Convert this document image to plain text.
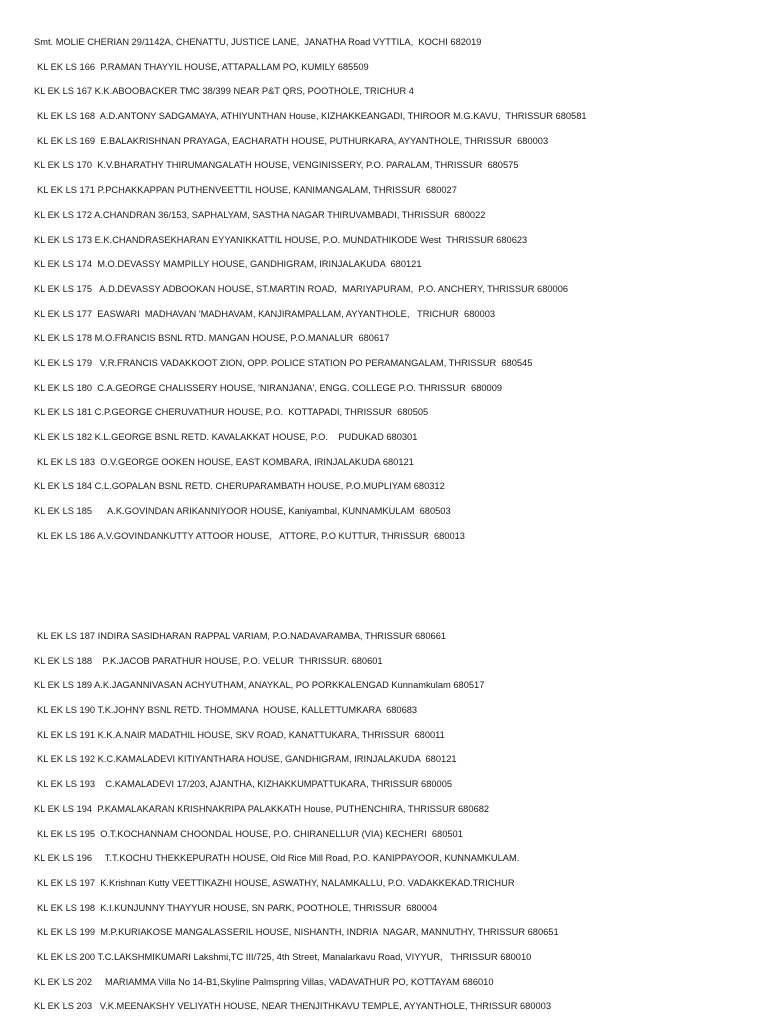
Smt. MOLIE CHERIAN 29/1142A, CHENATTU, JUSTICE LANE,  JANATHA Road VYTTILA,  KOCHI 682019
KL EK LS 166  P.RAMAN THAYYIL HOUSE, ATTAPALLAM PO, KUMILY 685509
KL EK LS 167 K.K.ABOOBACKER TMC 38/399 NEAR P&T QRS, POOTHOLE, TRICHUR 4
KL EK LS 168  A.D.ANTONY SADGAMAYA, ATHIYUNTHAN House, KIZHAKKEANGADI, THIROOR M.G.KAVU,  THRISSUR 680581
KL EK LS 169  E.BALAKRISHNAN PRAYAGA, EACHARATH HOUSE, PUTHURKARA, AYYANTHOLE, THRISSUR  680003
KL EK LS 170  K.V.BHARATHY THIRUMANGALATH HOUSE, VENGINISSERY, P.O. PARALAM, THRISSUR  680575
KL EK LS 171 P.PCHAKKAPPAN PUTHENVEETTIL HOUSE, KANIMANGALAM, THRISSUR  680027
KL EK LS 172 A.CHANDRAN 36/153, SAPHALYAM, SASTHA NAGAR THIRUVAMBADI, THRISSUR  680022
KL EK LS 173 E.K.CHANDRASEKHARAN EYYANIKKATTIL HOUSE, P.O. MUNDATHIKODE West  THRISSUR 680623
KL EK LS 174  M.O.DEVASSY MAMPILLY HOUSE, GANDHIGRAM, IRINJALAKUDA  680121
KL EK LS 175   A.D.DEVASSY ADBOOKAN HOUSE, ST.MARTIN ROAD,  MARIYAPURAM,  P.O. ANCHERY, THRISSUR 680006
KL EK LS 177  EASWARI  MADHAVAN 'MADHAVAM, KANJIRAMPALLAM, AYYANTHOLE,   TRICHUR  680003
KL EK LS 178 M.O.FRANCIS BSNL RTD. MANGAN HOUSE, P.O.MANALUR  680617
KL EK LS 179   V.R.FRANCIS VADAKKOOT ZION, OPP. POLICE STATION PO PERAMANGALAM, THRISSUR  680545
KL EK LS 180  C.A.GEORGE CHALISSERY HOUSE, 'NIRANJANA', ENGG. COLLEGE P.O. THRISSUR  680009
KL EK LS 181 C.P.GEORGE CHERUVATHUR HOUSE, P.O.  KOTTAPADI, THRISSUR  680505
KL EK LS 182 K.L.GEORGE BSNL RETD. KAVALAKKAT HOUSE, P.O.    PUDUKAD 680301
KL EK LS 183  O.V.GEORGE OOKEN HOUSE, EAST KOMBARA, IRINJALAKUDA 680121
KL EK LS 184 C.L.GOPALAN BSNL RETD. CHERUPARAMBATH HOUSE, P.O.MUPLIYAM 680312
KL EK LS 185      A.K.GOVINDAN ARIKANNIYOOR HOUSE, Kaniyambal, KUNNAMKULAM  680503
KL EK LS 186 A.V.GOVINDANKUTTY ATTOOR HOUSE,   ATTORE, P.O KUTTUR, THRISSUR  680013
KL EK LS 187 INDIRA SASIDHARAN RAPPAL VARIAM, P.O.NADAVARAMBA, THRISSUR 680661
KL EK LS 188    P.K.JACOB PARATHUR HOUSE, P.O. VELUR  THRISSUR. 680601
KL EK LS 189 A.K.JAGANNIVASAN ACHYUTHAM, ANAYKAL, PO PORKKALENGAD Kunnamkulam 680517
KL EK LS 190 T.K.JOHNY BSNL RETD. THOMMANA  HOUSE, KALLETTUMKARA  680683
KL EK LS 191 K.K.A.NAIR MADATHIL HOUSE, SKV ROAD, KANATTUKARA, THRISSUR  680011
KL EK LS 192 K.C.KAMALADEVI KITIYANTHARA HOUSE, GANDHIGRAM, IRINJALAKUDA  680121
KL EK LS 193    C.KAMALADEVI 17/203, AJANTHA, KIZHAKKUMPATTUKARA, THRISSUR 680005
KL EK LS 194  P.KAMALAKARAN KRISHNAKRIPA PALAKKATH House, PUTHENCHIRA, THRISSUR 680682
KL EK LS 195  O.T.KOCHANNAM CHOONDAL HOUSE, P.O. CHIRANELLUR (VIA) KECHERI  680501
KL EK LS 196     T.T.KOCHU THEKKEPURATH HOUSE, Old Rice Mill Road, P.O. KANIPPAYOOR, KUNNAMKULAM.
KL EK LS 197  K.Krishnan Kutty VEETTIKAZHI HOUSE, ASWATHY, NALAMKALLU, P.O. VADAKKEKAD.TRICHUR
KL EK LS 198  K.I.KUNJUNNY THAYYUR HOUSE, SN PARK, POOTHOLE, THRISSUR  680004
KL EK LS 199  M.P.KURIAKOSE MANGALASSERIL HOUSE, NISHANTH, INDRIA  NAGAR, MANNUTHY, THRISSUR 680651
KL EK LS 200 T.C.LAKSHMIKUMARI Lakshmi,TC III/725, 4th Street, Manalarkavu Road, VIYYUR,   THRISSUR 680010
KL EK LS 202     MARIAMMA Villa No 14-B1,Skyline Palmspring Villas, VADAVATHUR PO, KOTTAYAM 686010
KL EK LS 203   V.K.MEENAKSHY VELIYATH HOUSE, NEAR THENJITHKAVU TEMPLE, AYYANTHOLE, THRISSUR 680003
